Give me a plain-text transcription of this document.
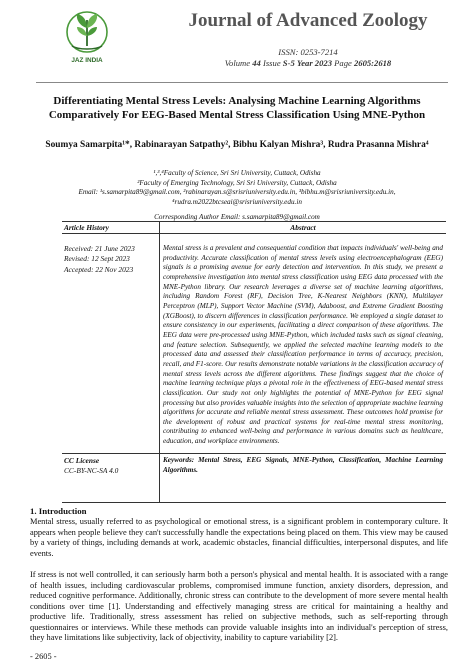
JAZ INDIA
Journal of Advanced Zoology
ISSN: 0253-7214
Volume 44 Issue S-5 Year 2023 Page 2605:2618
Differentiating Mental Stress Levels: Analysing Machine Learning Algorithms Comparatively For EEG-Based Mental Stress Classification Using MNE-Python
Soumya Samarpita¹*, Rabinarayan Satpathy², Bibhu Kalyan Mishra³, Rudra Prasanna Mishra⁴
¹,³,⁴Faculty of Science, Sri Sri University, Cuttack, Odisha
²Faculty of Emerging Technology, Sri Sri University, Cuttack, Odisha
Email: ¹s.samarpita89@gmail.com, ²rabinarayan.s@srisriuniversity.edu.in, ³bibhu.m@srisriuniversity.edu.in,
⁴rudra.m2022btcseai@srisriuniversity.edu.in
Corresponding Author Email: s.samarpita89@gmail.com
Article History	Abstract
Received: 21 June 2023
Revised: 12 Sept 2023
Accepted: 22 Nov 2023
Mental stress is a prevalent and consequential condition that impacts individuals' well-being and productivity. Accurate classification of mental stress levels using electroencephalogram (EEG) signals is a promising avenue for early detection and intervention. In this study, we present a comprehensive investigation into mental stress classification using EEG data processed with the MNE-Python library. Our research leverages a diverse set of machine learning algorithms, including Random Forest (RF), Decision Tree, K-Nearest Neighbors (KNN), Multilayer Perceptron (MLP), Support Vector Machine (SVM), Adaboost, and Extreme Gradient Boosting (XGBoost), to discern differences in classification performance. We employed a single dataset to ensure consistency in our experiments, facilitating a direct comparison of these algorithms. The EEG data were pre-processed using MNE-Python, which included tasks such as signal cleaning, and feature selection. Subsequently, we applied the selected machine learning models to the processed data and assessed their classification performance in terms of accuracy, precision, recall, and F1-score. Our results demonstrate notable variations in the classification accuracy of mental stress levels across the different algorithms. These findings suggest that the choice of machine learning technique plays a pivotal role in the effectiveness of EEG-based mental stress classification. Our study not only highlights the potential of MNE-Python for EEG signal processing but also provides valuable insights into the selection of appropriate machine learning algorithms for accurate and reliable mental stress assessment. These outcomes hold promise for the development of robust and practical systems for real-time mental stress monitoring, contributing to enhanced well-being and performance in various domains such as healthcare, education, and workplace environments.
CC License
CC-BY-NC-SA 4.0
Keywords: Mental Stress, EEG Signals, MNE-Python, Classification, Machine Learning Algorithms.
1. Introduction
Mental stress, usually referred to as psychological or emotional stress, is a significant problem in contemporary culture. It appears when people believe they can't successfully handle the expectations being placed on them. This view may be caused by a variety of things, including demands at work, academic obstacles, financial difficulties, interpersonal disputes, and life events.
If stress is not well controlled, it can seriously harm both a person's physical and mental health. It is associated with a range of health issues, including cardiovascular problems, compromised immune function, anxiety disorders, depression, and reduced cognitive performance. Additionally, chronic stress can contribute to the development of more severe mental health conditions over time [1]. Understanding and effectively managing stress are critical for maintaining a healthy and productive life. Traditionally, stress assessment has relied on subjective methods, such as self-reporting through questionnaires or interviews. While these methods can provide valuable insights into an individual's perception of stress, they have limitations like subjectivity, lack of objectivity, inability to capture variability [2].
- 2605 -
